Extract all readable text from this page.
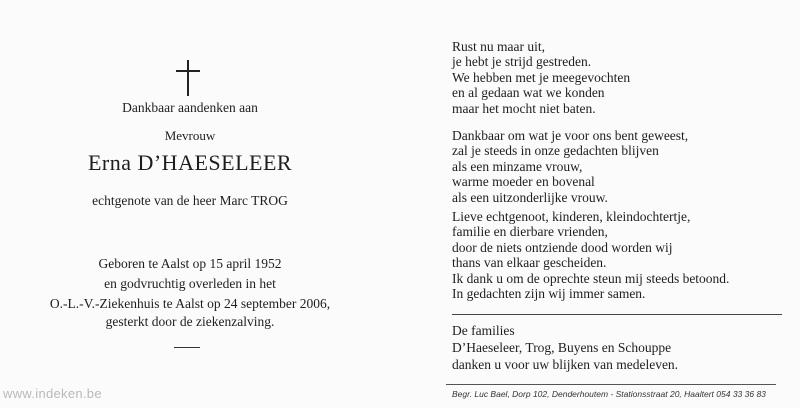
Dankbaar aandenken aan
Mevrouw
Erna D’HAESELEER
echtgenote van de heer Marc TROG
Geboren te Aalst op 15 april 1952
en godvruchtig overleden in het
O.-L.-V.-Ziekenhuis te Aalst op 24 september 2006,
gesterkt door de ziekenzalving.
www.indeken.be
Rust nu maar uit,
je hebt je strijd gestreden.
We hebben met je meegevochten
en al gedaan wat we konden
maar het mocht niet baten.
Dankbaar om wat je voor ons bent geweest,
zal je steeds in onze gedachten blijven
als een minzame vrouw,
warme moeder en bovenal
als een uitzonderlijke vrouw.
Lieve echtgenoot, kinderen, kleindochtertje,
familie en dierbare vrienden,
door de niets ontziende dood worden wij
thans van elkaar gescheiden.
Ik dank u om de oprechte steun mij steeds betoond.
In gedachten zijn wij immer samen.
De families
D’Haeseleer, Trog, Buyens en Schouppe
danken u voor uw blijken van medeleven.
Begr. Luc Bael, Dorp 102, Denderhoutem - Stationsstraat 20, Haaltert 054 33 36 83
